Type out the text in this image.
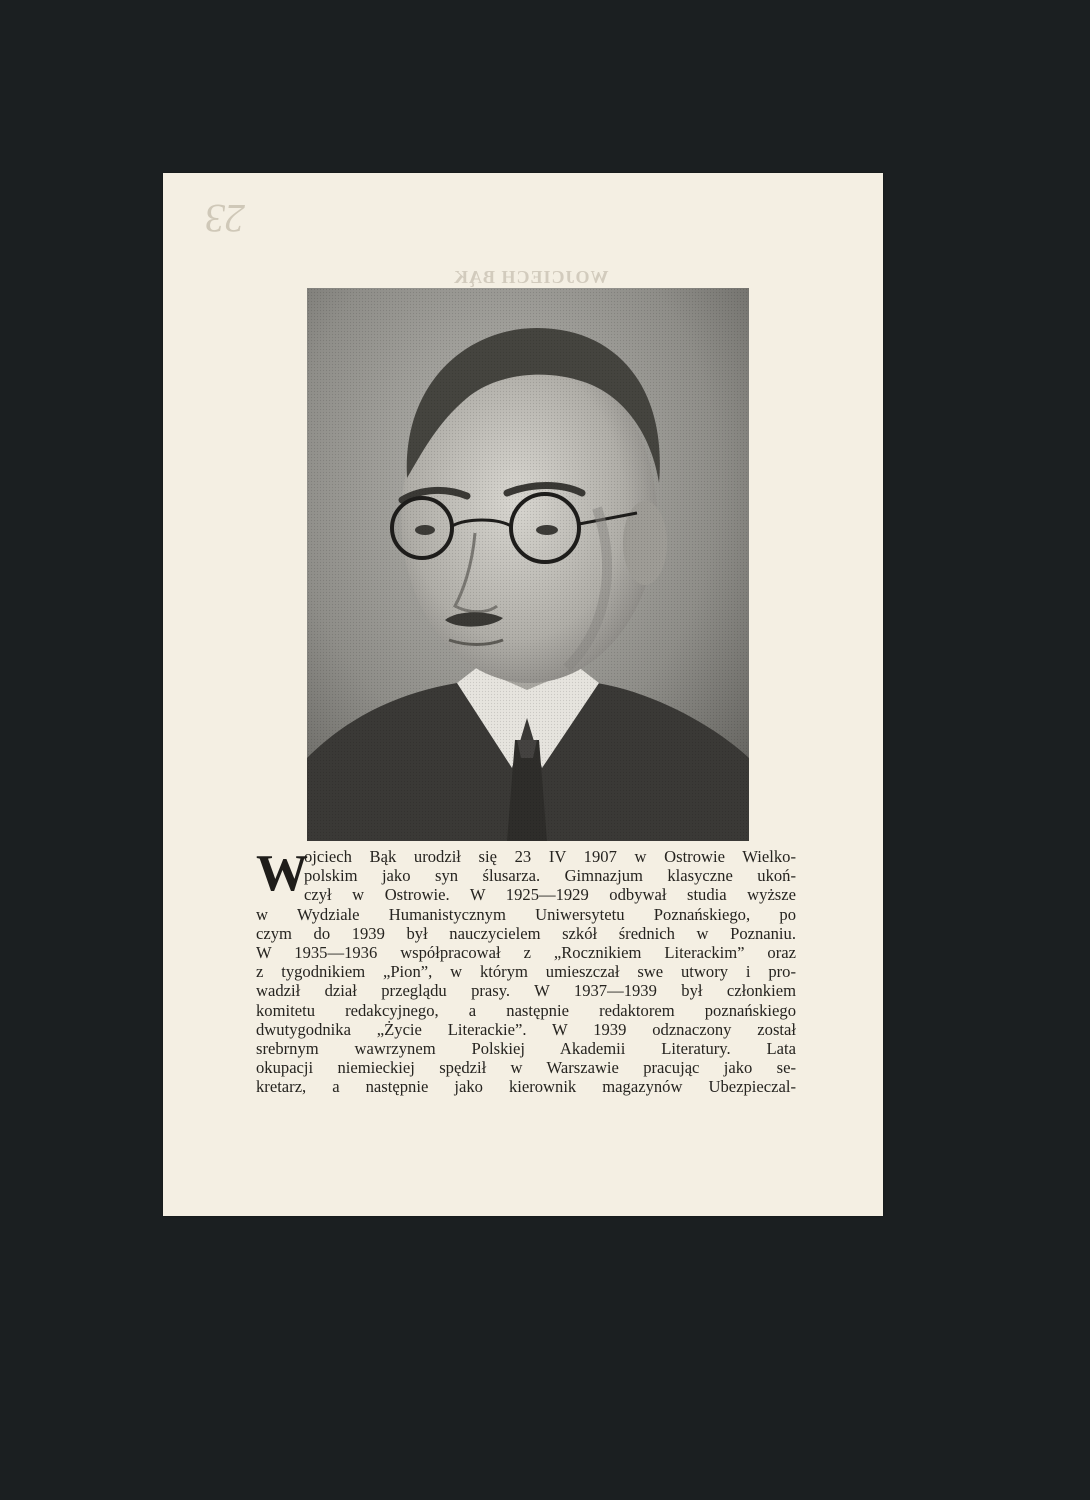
23
WOJCIECH BĄK
W
ojciech Bąk urodził się 23 IV 1907 w Ostrowie Wielko-
polskim jako syn ślusarza. Gimnazjum klasyczne ukoń-
czył w Ostrowie. W 1925—1929 odbywał studia wyższe
w Wydziale Humanistycznym Uniwersytetu Poznańskiego, po
czym do 1939 był nauczycielem szkół średnich w Poznaniu.
W 1935—1936 współpracował z „Rocznikiem Literackim” oraz
z tygodnikiem „Pion”, w którym umieszczał swe utwory i pro-
wadził dział przeglądu prasy. W 1937—1939 był członkiem
komitetu redakcyjnego, a następnie redaktorem poznańskiego
dwutygodnika „Życie Literackie”. W 1939 odznaczony został
srebrnym wawrzynem Polskiej Akademii Literatury. Lata
okupacji niemieckiej spędził w Warszawie pracując jako se-
kretarz, a następnie jako kierownik magazynów Ubezpieczal-
